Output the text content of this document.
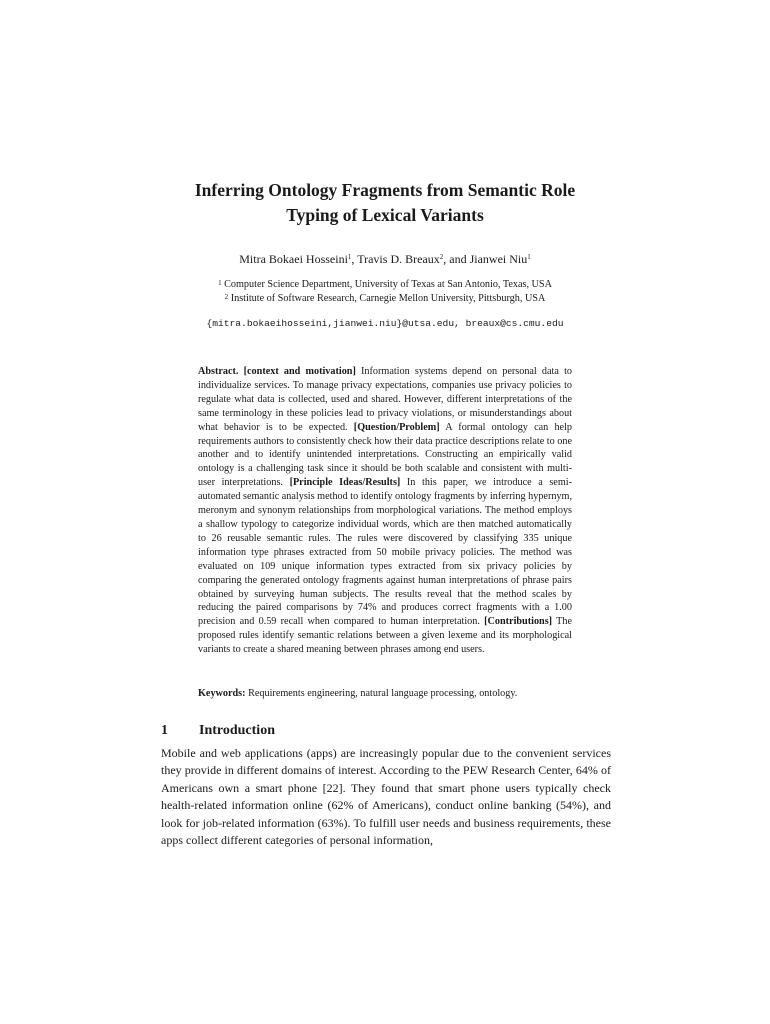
Inferring Ontology Fragments from Semantic Role
Typing of Lexical Variants
Mitra Bokaei Hosseini$^1$, Travis D. Breaux$^2$, and Jianwei Niu$^1$
$^1$ Computer Science Department, University of Texas at San Antonio, Texas, USA
$^2$ Institute of Software Research, Carnegie Mellon University, Pittsburgh, USA
{mitra.bokaeihosseini,jianwei.niu}@utsa.edu, breaux@cs.cmu.edu
Abstract. [context and motivation] Information systems depend on personal data to individualize services. To manage privacy expectations, companies use privacy policies to regulate what data is collected, used and shared. However, different interpretations of the same terminology in these policies lead to privacy violations, or misunderstandings about what behavior is to be expected. [Question/Problem] A formal ontology can help requirements authors to consistently check how their data practice descriptions relate to one another and to identify unintended interpretations. Constructing an empirically valid ontology is a challenging task since it should be both scalable and consistent with multi-user interpretations. [Principle Ideas/Results] In this paper, we introduce a semi-automated semantic analysis method to identify ontology fragments by inferring hypernym, meronym and synonym relationships from morphological variations. The method employs a shallow typology to categorize individual words, which are then matched automatically to 26 reusable semantic rules. The rules were discovered by classifying 335 unique information type phrases extracted from 50 mobile privacy policies. The method was evaluated on 109 unique information types extracted from six privacy policies by comparing the generated ontology fragments against human interpretations of phrase pairs obtained by surveying human subjects. The results reveal that the method scales by reducing the paired comparisons by 74% and produces correct fragments with a 1.00 precision and 0.59 recall when compared to human interpretation. [Contributions] The proposed rules identify semantic relations between a given lexeme and its morphological variants to create a shared meaning between phrases among end users.
Keywords: Requirements engineering, natural language processing, ontology.
1 Introduction
Mobile and web applications (apps) are increasingly popular due to the convenient services they provide in different domains of interest. According to the PEW Research Center, 64% of Americans own a smart phone [22]. They found that smart phone users typically check health-related information online (62% of Americans), conduct online banking (54%), and look for job-related information (63%). To fulfill user needs and business requirements, these apps collect different categories of personal information,
